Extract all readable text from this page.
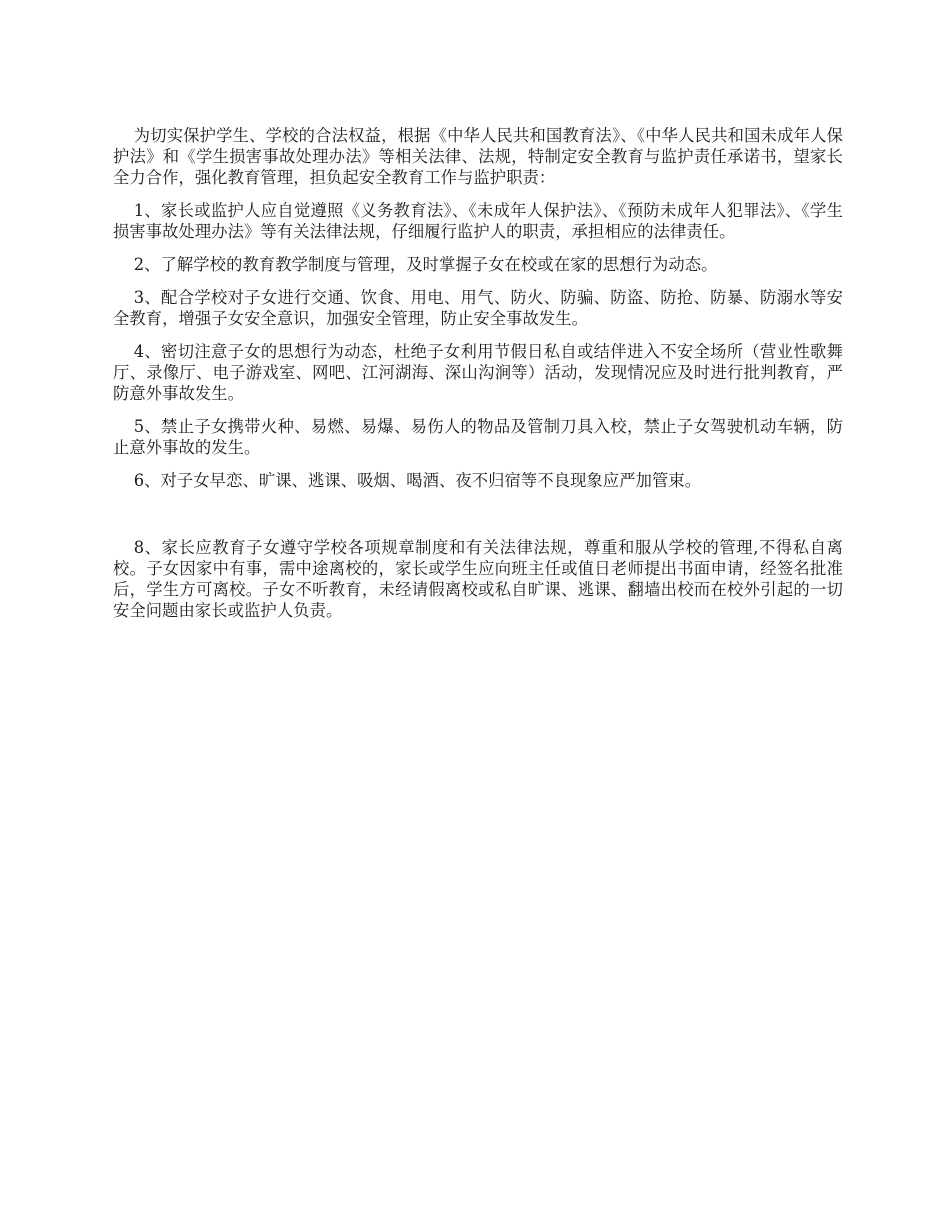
为切实保护学生、学校的合法权益，根据《中华人民共和国教育法》、《中华人民共和国未成年人保护法》和《学生损害事故处理办法》等相关法律、法规，特制定安全教育与监护责任承诺书，望家长全力合作，强化教育管理，担负起安全教育工作与监护职责：

1、家长或监护人应自觉遵照《义务教育法》、《未成年人保护法》、《预防未成年人犯罪法》、《学生损害事故处理办法》等有关法律法规，仔细履行监护人的职责，承担相应的法律责任。

2、了解学校的教育教学制度与管理，及时掌握子女在校或在家的思想行为动态。

3、配合学校对子女进行交通、饮食、用电、用气、防火、防骗、防盗、防抢、防暴、防溺水等安全教育，增强子女安全意识，加强安全管理，防止安全事故发生。

4、密切注意子女的思想行为动态，杜绝子女利用节假日私自或结伴进入不安全场所（营业性歌舞厅、录像厅、电子游戏室、网吧、江河湖海、深山沟涧等）活动，发现情况应及时进行批判教育，严防意外事故发生。

5、禁止子女携带火种、易燃、易爆、易伤人的物品及管制刀具入校，禁止子女驾驶机动车辆，防止意外事故的发生。

6、对子女早恋、旷课、逃课、吸烟、喝酒、夜不归宿等不良现象应严加管束。

8、家长应教育子女遵守学校各项规章制度和有关法律法规，尊重和服从学校的管理,不得私自离校。子女因家中有事，需中途离校的，家长或学生应向班主任或值日老师提出书面申请，经签名批准后，学生方可离校。子女不听教育，未经请假离校或私自旷课、逃课、翻墙出校而在校外引起的一切安全问题由家长或监护人负责。
